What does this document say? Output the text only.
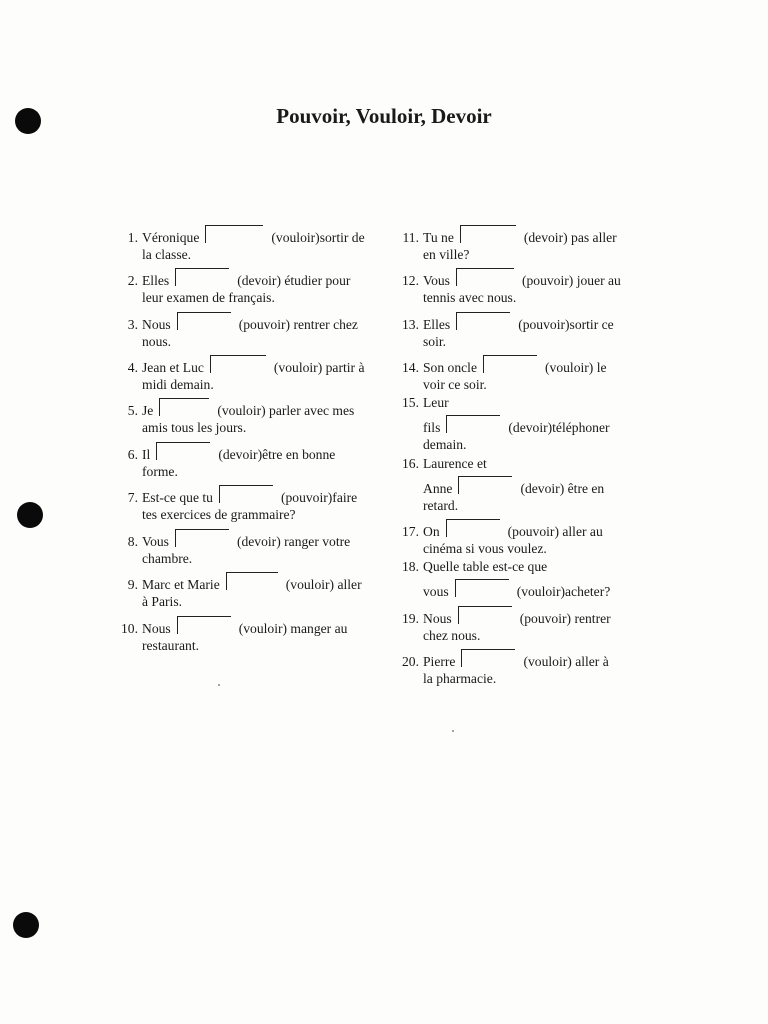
Pouvoir, Vouloir, Devoir
1. Véronique	(vouloir)sortir de
la classe.
2. Elles	(devoir) étudier pour
leur examen de français.
3. Nous	(pouvoir) rentrer chez
nous.
4. Jean et Luc	(vouloir) partir à
midi demain.
5. Je	(vouloir) parler avec mes
amis tous les jours.
6. Il	(devoir)être en bonne
forme.
7. Est-ce que tu	(pouvoir)faire
tes exercices de grammaire?
8. Vous	(devoir) ranger votre
chambre.
9. Marc et Marie	(vouloir) aller
à Paris.
10. Nous	(vouloir) manger au
restaurant.
11. Tu ne	(devoir) pas aller
en ville?
12. Vous	(pouvoir) jouer au
tennis avec nous.
13. Elles	(pouvoir)sortir ce
soir.
14. Son oncle	(vouloir) le
voir ce soir.
15. Leur
fils	(devoir)téléphoner
demain.
16. Laurence et
Anne	(devoir) être en
retard.
17. On	(pouvoir) aller au
cinéma si vous voulez.
18. Quelle table est-ce que
vous	(vouloir)acheter?
19. Nous	(pouvoir) rentrer
chez nous.
20. Pierre	(vouloir) aller à
la pharmacie.
